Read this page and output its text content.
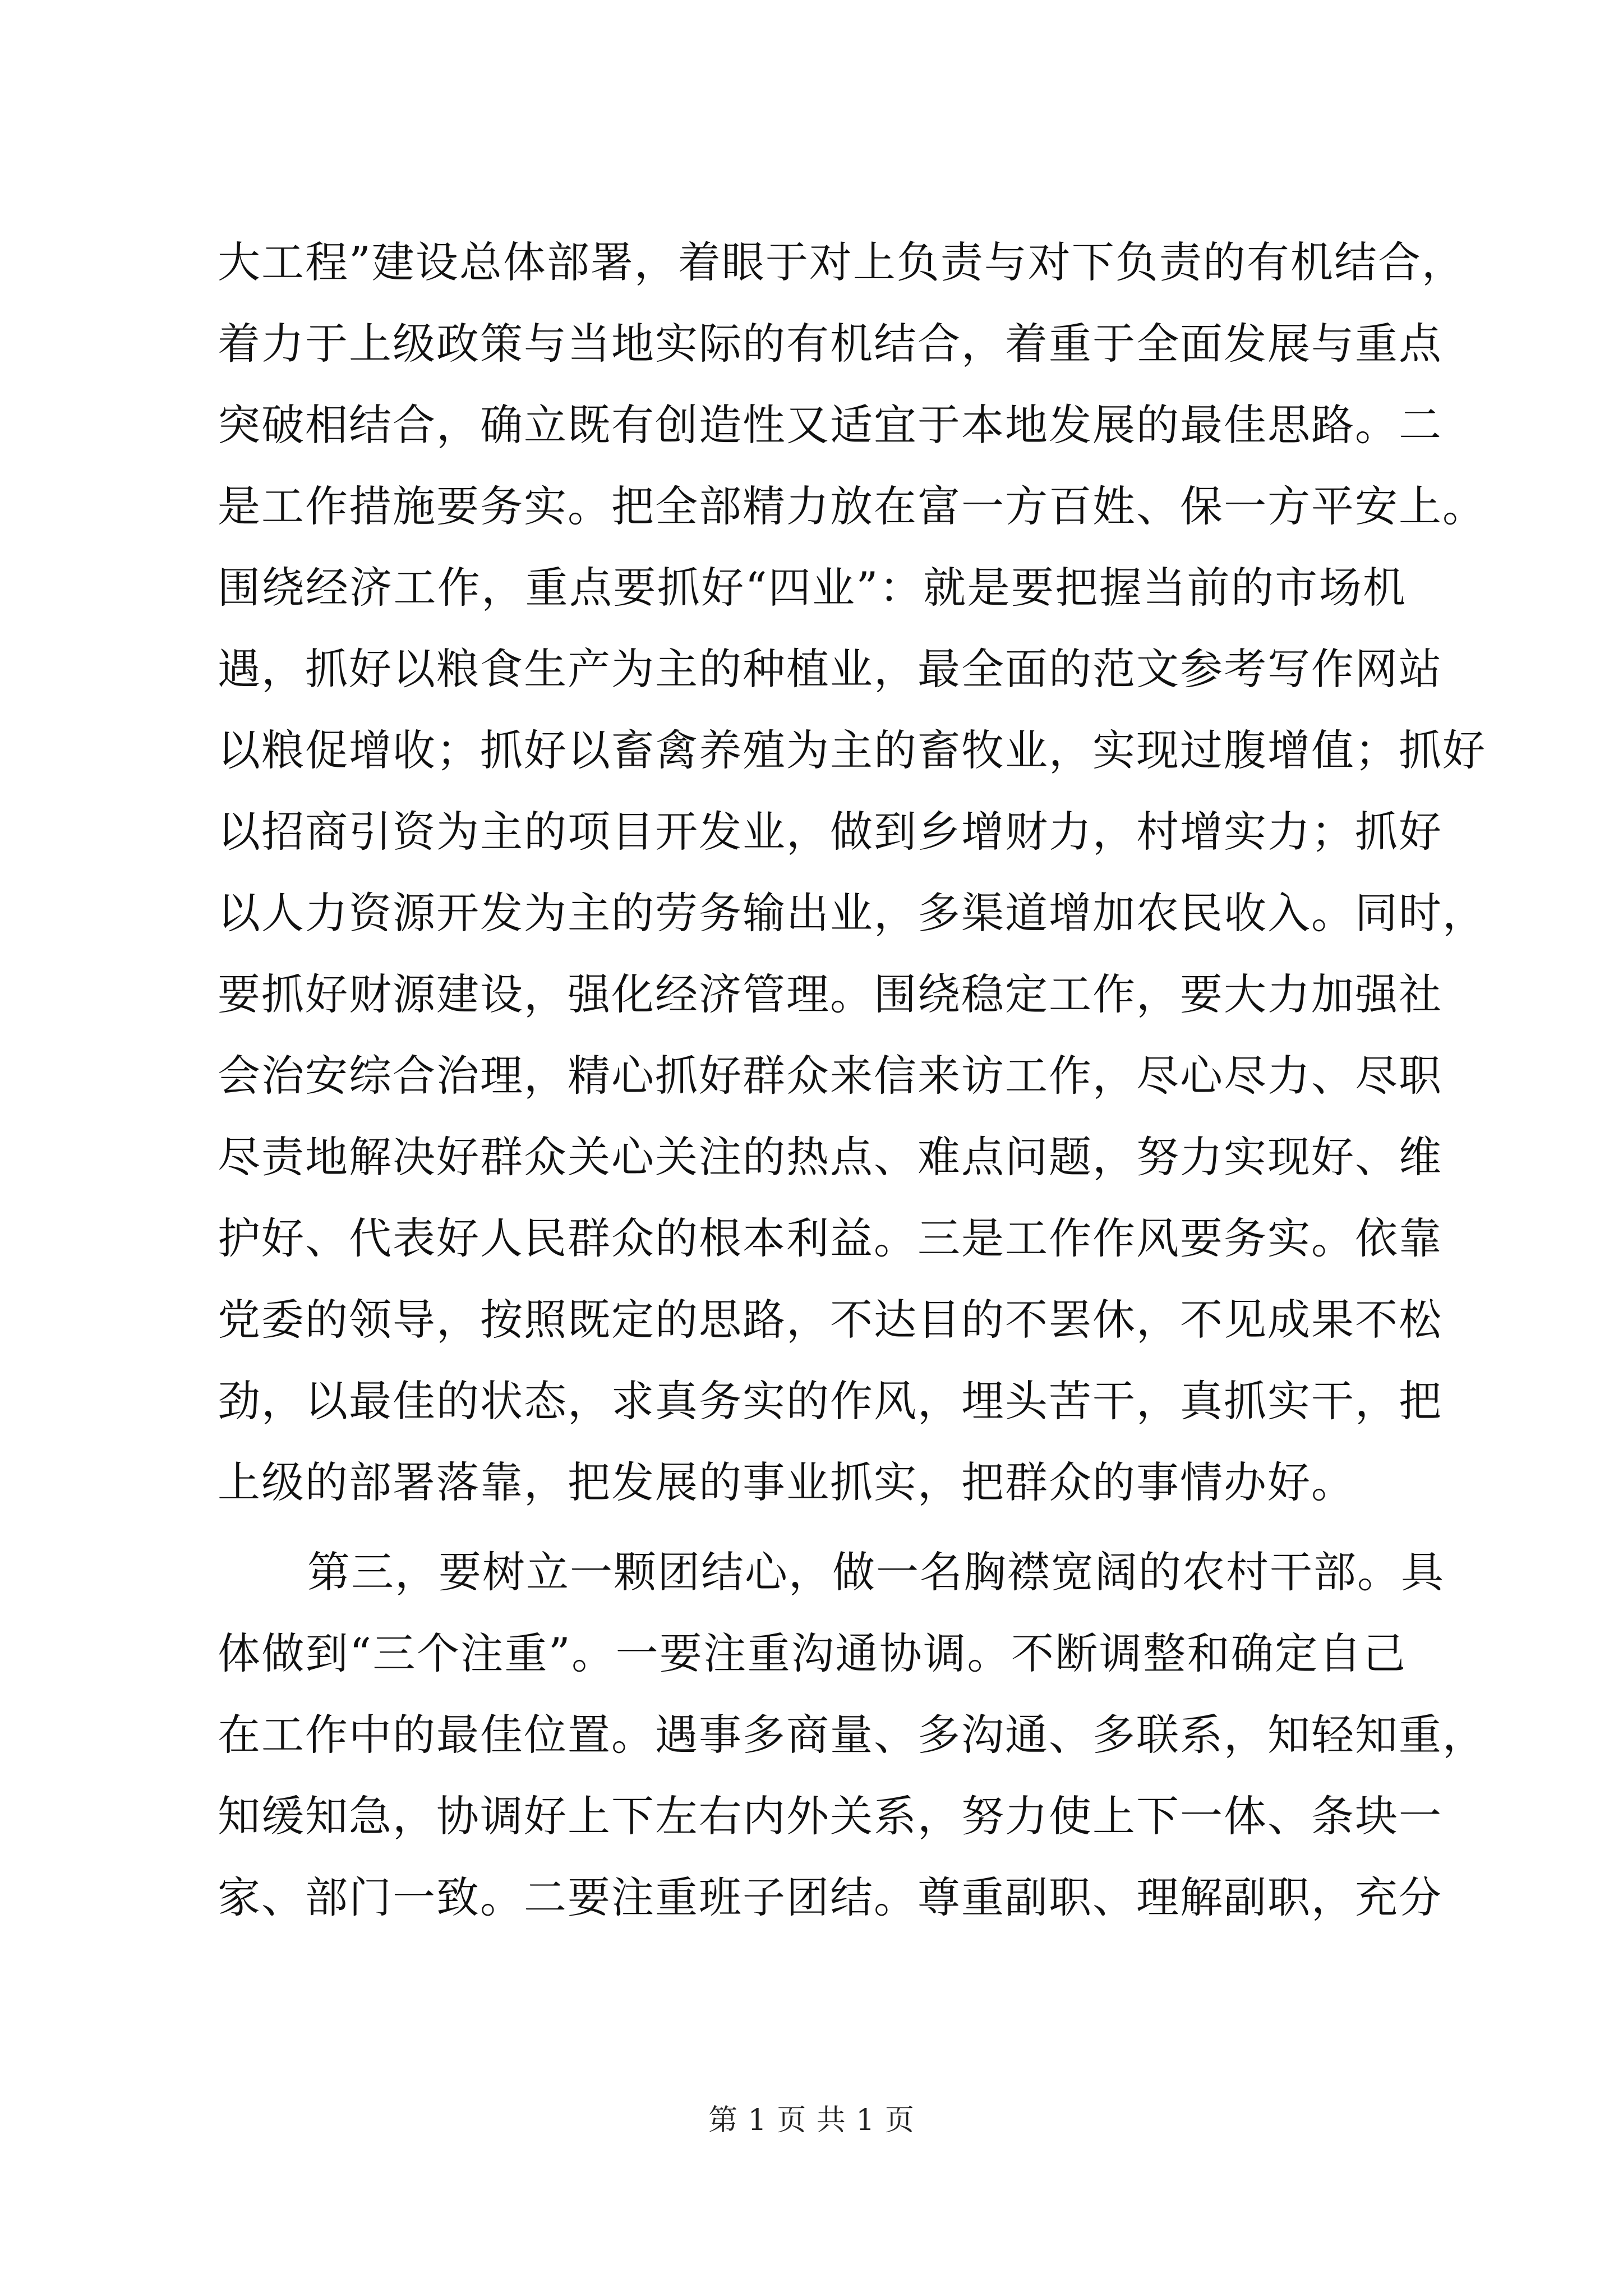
大工程”建设总体部署，着眼于对上负责与对下负责的有机结合，
着力于上级政策与当地实际的有机结合，着重于全面发展与重点
突破相结合，确立既有创造性又适宜于本地发展的最佳思路。二
是工作措施要务实。把全部精力放在富一方百姓、保一方平安上。
围绕经济工作，重点要抓好“四业”：就是要把握当前的市场机
遇，抓好以粮食生产为主的种植业，最全面的范文参考写作网站
以粮促增收；抓好以畜禽养殖为主的畜牧业，实现过腹增值；抓好
以招商引资为主的项目开发业，做到乡增财力，村增实力；抓好
以人力资源开发为主的劳务输出业，多渠道增加农民收入。同时，
要抓好财源建设，强化经济管理。围绕稳定工作，要大力加强社
会治安综合治理，精心抓好群众来信来访工作，尽心尽力、尽职
尽责地解决好群众关心关注的热点、难点问题，努力实现好、维
护好、代表好人民群众的根本利益。三是工作作风要务实。依靠
党委的领导，按照既定的思路，不达目的不罢休，不见成果不松
劲，以最佳的状态，求真务实的作风，埋头苦干，真抓实干，把
上级的部署落靠，把发展的事业抓实，把群众的事情办好。
第三，要树立一颗团结心，做一名胸襟宽阔的农村干部。具
体做到“三个注重”。一要注重沟通协调。不断调整和确定自己
在工作中的最佳位置。遇事多商量、多沟通、多联系，知轻知重，
知缓知急，协调好上下左右内外关系，努力使上下一体、条块一
家、部门一致。二要注重班子团结。尊重副职、理解副职，充分
第 1 页 共 1 页
